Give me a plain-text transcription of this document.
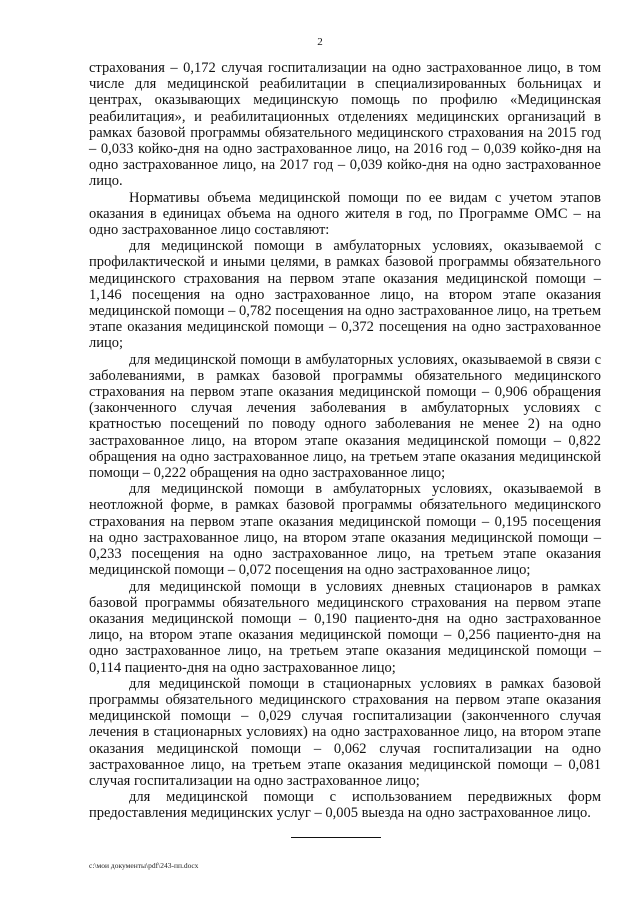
2

страхования – 0,172 случая госпитализации на одно застрахованное лицо, в том числе для медицинской реабилитации в специализированных больницах и центрах, оказывающих медицинскую помощь по профилю «Медицинская реабилитация», и реабилитационных отделениях медицинских организаций в рамках базовой программы обязательного медицинского страхования на 2015 год – 0,033 койко-дня на одно застрахованное лицо, на 2016 год – 0,039 койко-дня на одно застрахованное лицо, на 2017 год – 0,039 койко-дня на одно застрахованное лицо.

Нормативы объема медицинской помощи по ее видам с учетом этапов оказания в единицах объема на одного жителя в год, по Программе ОМС – на одно застрахованное лицо составляют:

для медицинской помощи в амбулаторных условиях, оказываемой с профилактической и иными целями, в рамках базовой программы обязательного медицинского страхования на первом этапе оказания медицинской помощи – 1,146 посещения на одно застрахованное лицо, на втором этапе оказания медицинской помощи – 0,782 посещения на одно застрахованное лицо, на третьем этапе оказания медицинской помощи – 0,372 посещения на одно застрахованное лицо;

для медицинской помощи в амбулаторных условиях, оказываемой в связи с заболеваниями, в рамках базовой программы обязательного медицинского страхования на первом этапе оказания медицинской помощи – 0,906 обращения (законченного случая лечения заболевания в амбулаторных условиях с кратностью посещений по поводу одного заболевания не менее 2) на одно застрахованное лицо, на втором этапе оказания медицинской помощи – 0,822 обращения на одно застрахованное лицо, на третьем этапе оказания медицинской помощи – 0,222 обращения на одно застрахованное лицо;

для медицинской помощи в амбулаторных условиях, оказываемой в неотложной форме, в рамках базовой программы обязательного медицинского страхования на первом этапе оказания медицинской помощи – 0,195 посещения на одно застрахованное лицо, на втором этапе оказания медицинской помощи – 0,233 посещения на одно застрахованное лицо, на третьем этапе оказания медицинской помощи – 0,072 посещения на одно застрахованное лицо;

для медицинской помощи в условиях дневных стационаров в рамках базовой программы обязательного медицинского страхования на первом этапе оказания медицинской помощи – 0,190 пациенто-дня на одно застрахованное лицо, на втором этапе оказания медицинской помощи – 0,256 пациенто-дня на одно застрахованное лицо, на третьем этапе оказания медицинской помощи – 0,114 пациенто-дня на одно застрахованное лицо;

для медицинской помощи в стационарных условиях в рамках базовой программы обязательного медицинского страхования на первом этапе оказания медицинской помощи – 0,029 случая госпитализации (законченного случая лечения в стационарных условиях) на одно застрахованное лицо, на втором этапе оказания медицинской помощи – 0,062 случая госпитализации на одно застрахованное лицо, на третьем этапе оказания медицинской помощи – 0,081 случая госпитализации на одно застрахованное лицо;

для медицинской помощи с использованием передвижных форм предоставления медицинских услуг – 0,005 выезда на одно застрахованное лицо.

c:\мои документы\pdf\243-пп.docx
